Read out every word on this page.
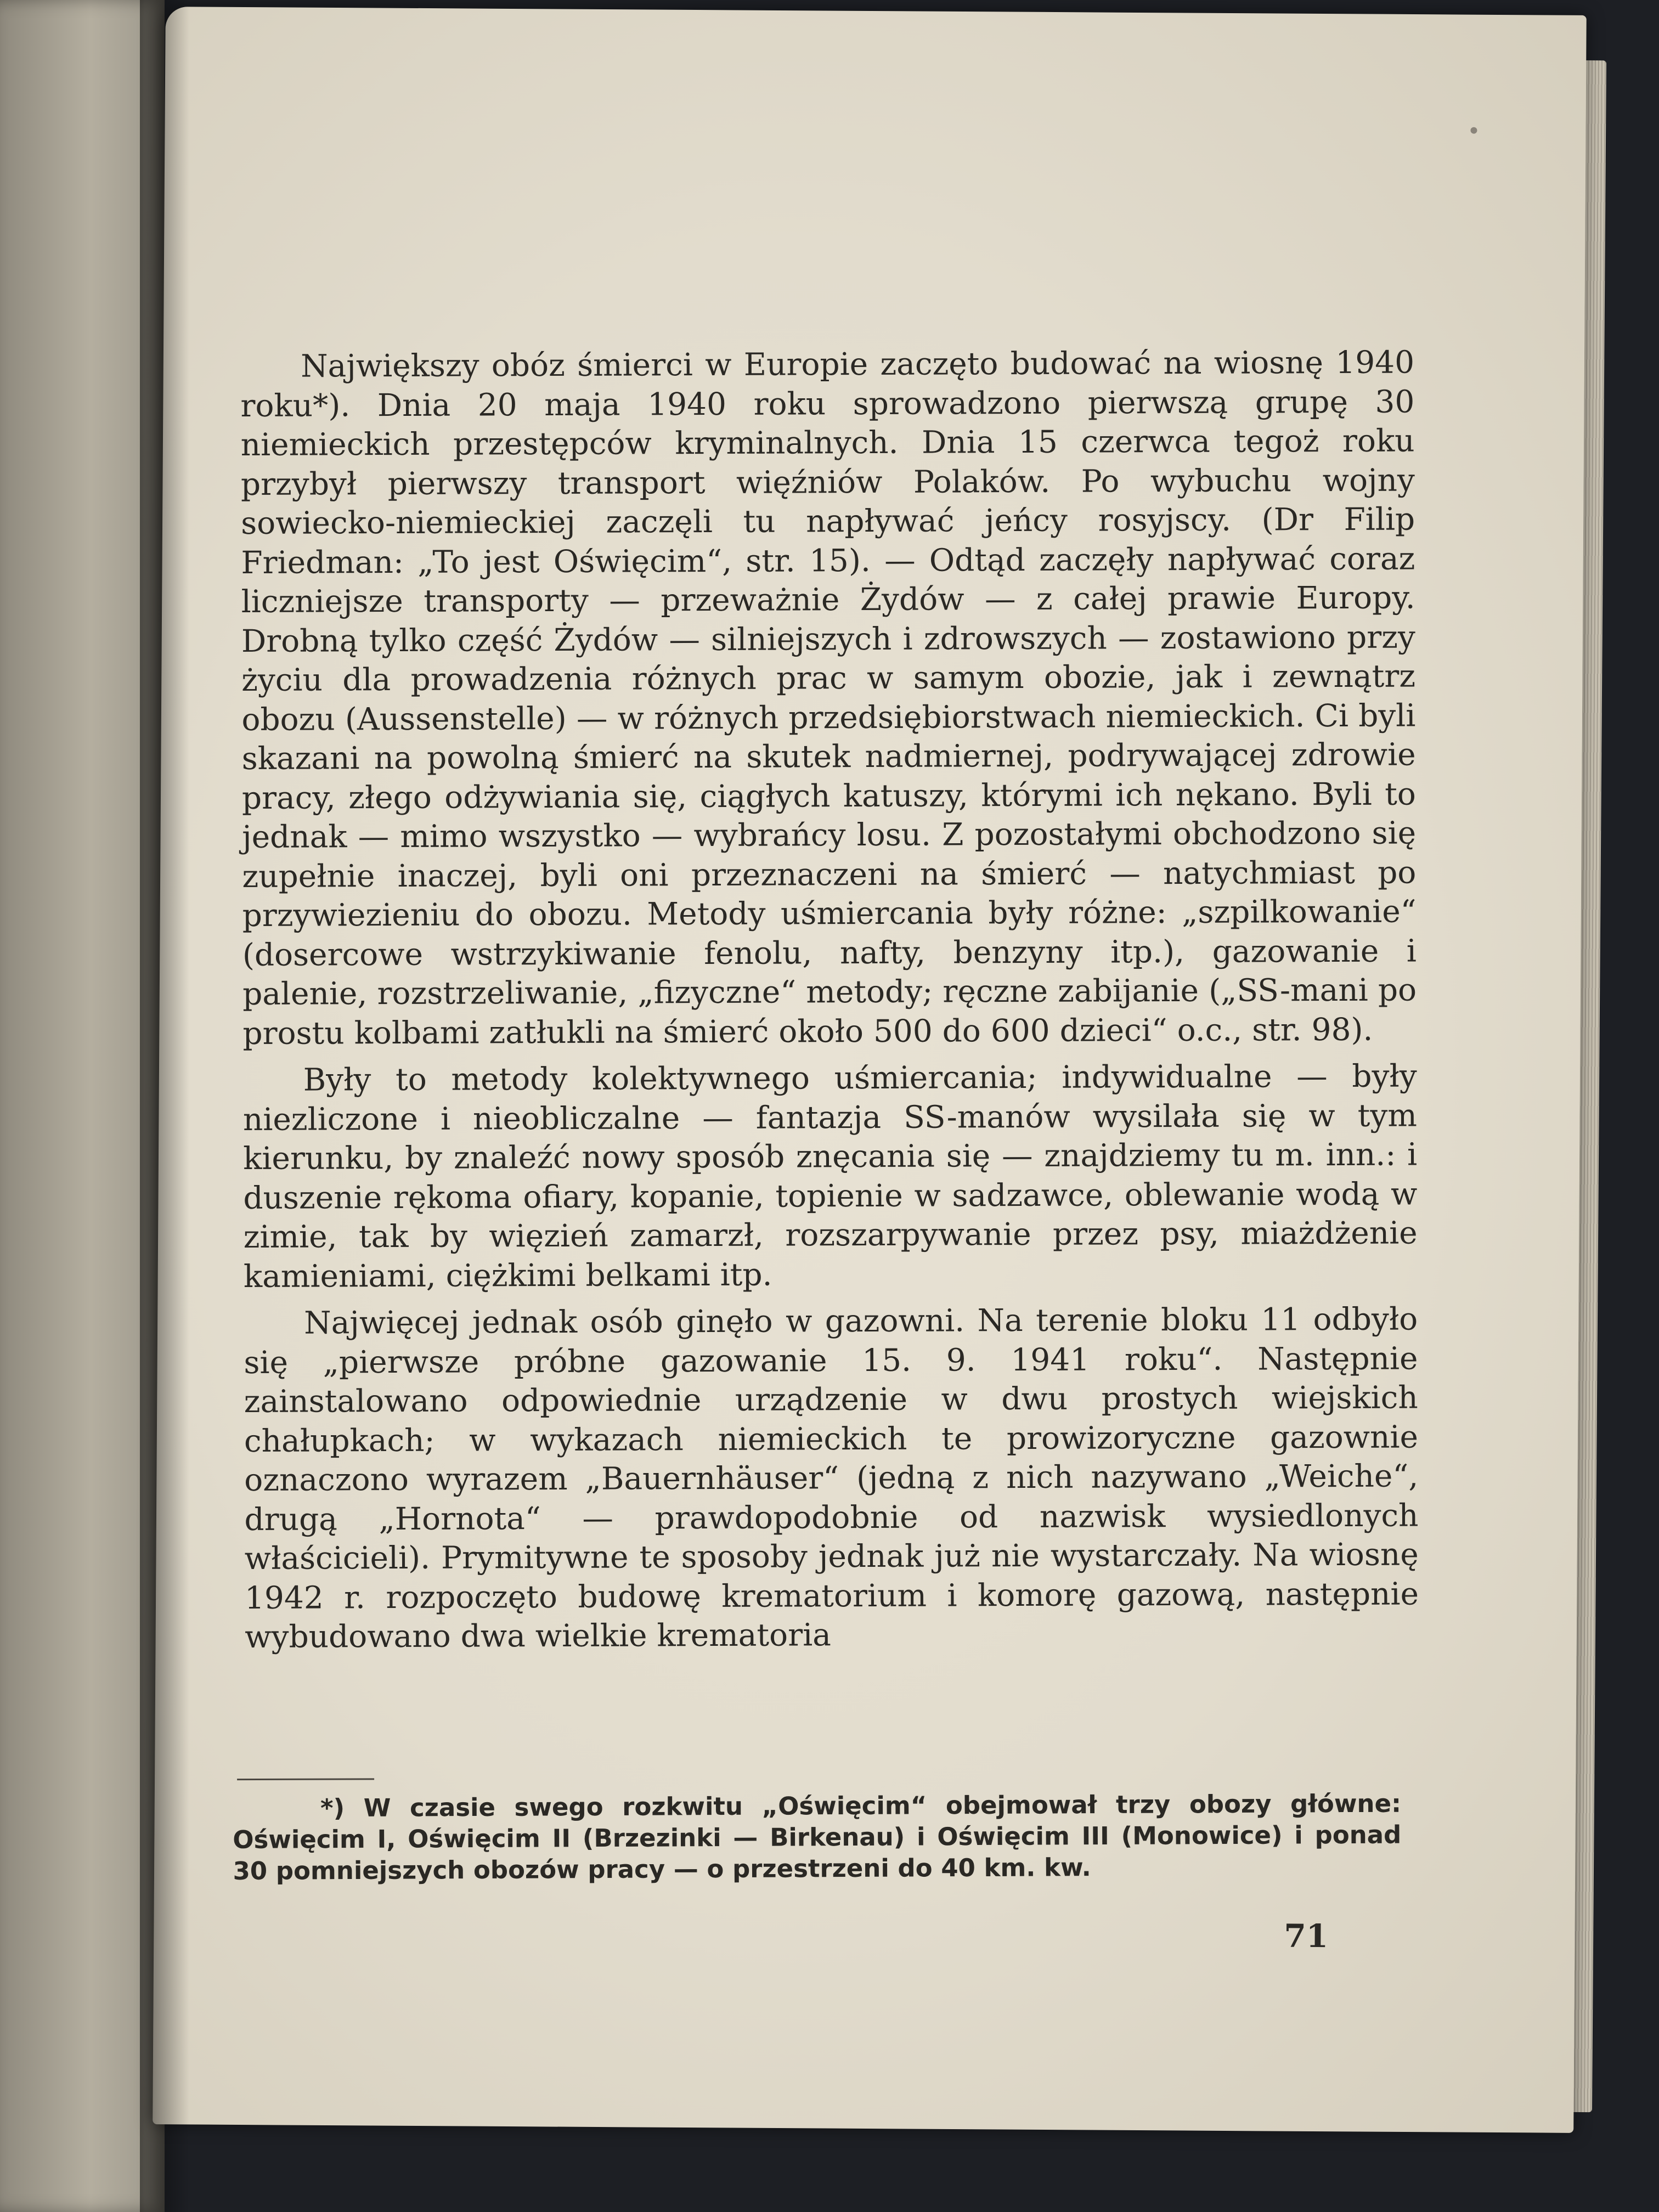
Największy obóz śmierci w Europie zaczęto budować na wiosnę 1940 roku*). Dnia 20 maja 1940 roku sprowadzono pierwszą grupę 30 niemieckich przestępców kryminalnych. Dnia 15 czerwca tegoż roku przybył pierwszy transport więźniów Polaków. Po wybuchu wojny sowiecko-niemieckiej zaczęli tu napływać jeńcy rosyjscy. (Dr Filip Friedman: „To jest Oświęcim“, str. 15). — Odtąd zaczęły napływać coraz liczniejsze transporty — przeważnie Żydów — z całej prawie Europy. Drobną tylko część Żydów — silniejszych i zdrowszych — zostawiono przy życiu dla prowadzenia różnych prac w samym obozie, jak i zewnątrz obozu (Aussenstelle) — w różnych przedsiębiorstwach niemieckich. Ci byli skazani na powolną śmierć na skutek nadmiernej, podrywającej zdrowie pracy, złego odżywiania się, ciągłych katuszy, którymi ich nękano. Byli to jednak — mimo wszystko — wybrańcy losu. Z pozostałymi obchodzono się zupełnie inaczej, byli oni przeznaczeni na śmierć — natychmiast po przywiezieniu do obozu. Metody uśmiercania były różne: „szpilkowanie“ (dosercowe wstrzykiwanie fenolu, nafty, benzyny itp.), gazowanie i palenie, rozstrzeliwanie, „fizyczne“ metody; ręczne zabijanie („SS-mani po prostu kolbami zatłukli na śmierć około 500 do 600 dzieci“ o.c., str. 98).

Były to metody kolektywnego uśmiercania; indywidualne — były niezliczone i nieobliczalne — fantazja SS-manów wysilała się w tym kierunku, by znaleźć nowy sposób znęcania się — znajdziemy tu m. inn.: i duszenie rękoma ofiary, kopanie, topienie w sadzawce, oblewanie wodą w zimie, tak by więzień zamarzł, rozszarpywanie przez psy, miażdżenie kamieniami, ciężkimi belkami itp.

Najwięcej jednak osób ginęło w gazowni. Na terenie bloku 11 odbyło się „pierwsze próbne gazowanie 15. 9. 1941 roku“. Następnie zainstalowano odpowiednie urządzenie w dwu prostych wiejskich chałupkach; w wykazach niemieckich te prowizoryczne gazownie oznaczono wyrazem „Bauernhäuser“ (jedną z nich nazywano „Weiche“, drugą „Hornota“ — prawdopodobnie od nazwisk wysiedlonych właścicieli). Prymitywne te sposoby jednak już nie wystarczały. Na wiosnę 1942 r. rozpoczęto budowę krematorium i komorę gazową, następnie wybudowano dwa wielkie krematoria

*) W czasie swego rozkwitu „Oświęcim“ obejmował trzy obozy główne: Oświęcim I, Oświęcim II (Brzezinki — Birkenau) i Oświęcim III (Monowice) i ponad 30 pomniejszych obozów pracy — o przestrzeni do 40 km. kw.
71
